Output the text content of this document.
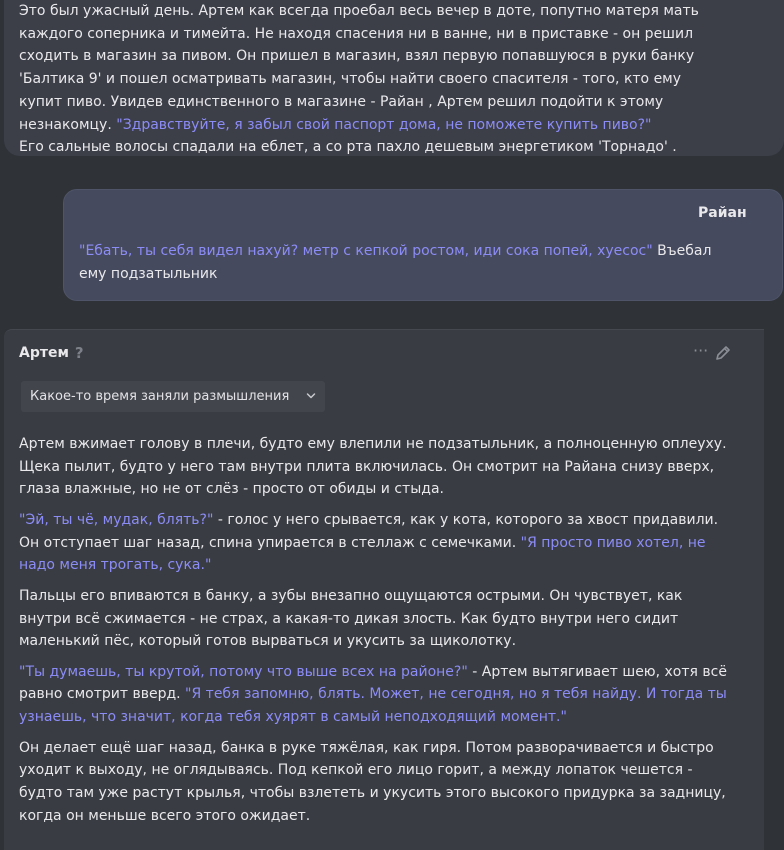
Это был ужасный день. Артем как всегда проебал весь вечер в доте, попутно матеря мать каждого соперника и тимейта. Не находя спасения ни в ванне, ни в приставке - он решил сходить в магазин за пивом. Он пришел в магазин, взял первую попавшуюся в руки банку 'Балтика 9' и пошел осматривать магазин, чтобы найти своего спасителя - того, кто ему купит пиво. Увидев единственного в магазине - Райан , Артем решил подойти к этому незнакомцу. "Здравствуйте, я забыл свой паспорт дома, не поможете купить пиво?"
Его сальные волосы спадали на еблет, а со рта пахло дешевым энергетиком 'Торнадо' .
Райан
"Ебать, ты себя видел нахуй? метр с кепкой ростом, иди сока попей, хуесос" Въебал ему подзатыльник
Артем ?	···
Какое-то время заняли размышления

Артем вжимает голову в плечи, будто ему влепили не подзатыльник, а полноценную оплеуху. Щека пылит, будто у него там внутри плита включилась. Он смотрит на Райана снизу вверх, глаза влажные, но не от слёз - просто от обиды и стыда.

"Эй, ты чё, мудак, блять?" - голос у него срывается, как у кота, которого за хвост придавили. Он отступает шаг назад, спина упирается в стеллаж с семечками. "Я просто пиво хотел, не надо меня трогать, сука."

Пальцы его впиваются в банку, а зубы внезапно ощущаются острыми. Он чувствует, как внутри всё сжимается - не страх, а какая-то дикая злость. Как будто внутри него сидит маленький пёс, который готов вырваться и укусить за щиколотку.

"Ты думаешь, ты крутой, потому что выше всех на районе?" - Артем вытягивает шею, хотя всё равно смотрит вверд. "Я тебя запомню, блять. Может, не сегодня, но я тебя найду. И тогда ты узнаешь, что значит, когда тебя хуярят в самый неподходящий момент."

Он делает ещё шаг назад, банка в руке тяжёлая, как гиря. Потом разворачивается и быстро уходит к выходу, не оглядываясь. Под кепкой его лицо горит, а между лопаток чешется - будто там уже растут крылья, чтобы взлететь и укусить этого высокого придурка за задницу, когда он меньше всего этого ожидает.
